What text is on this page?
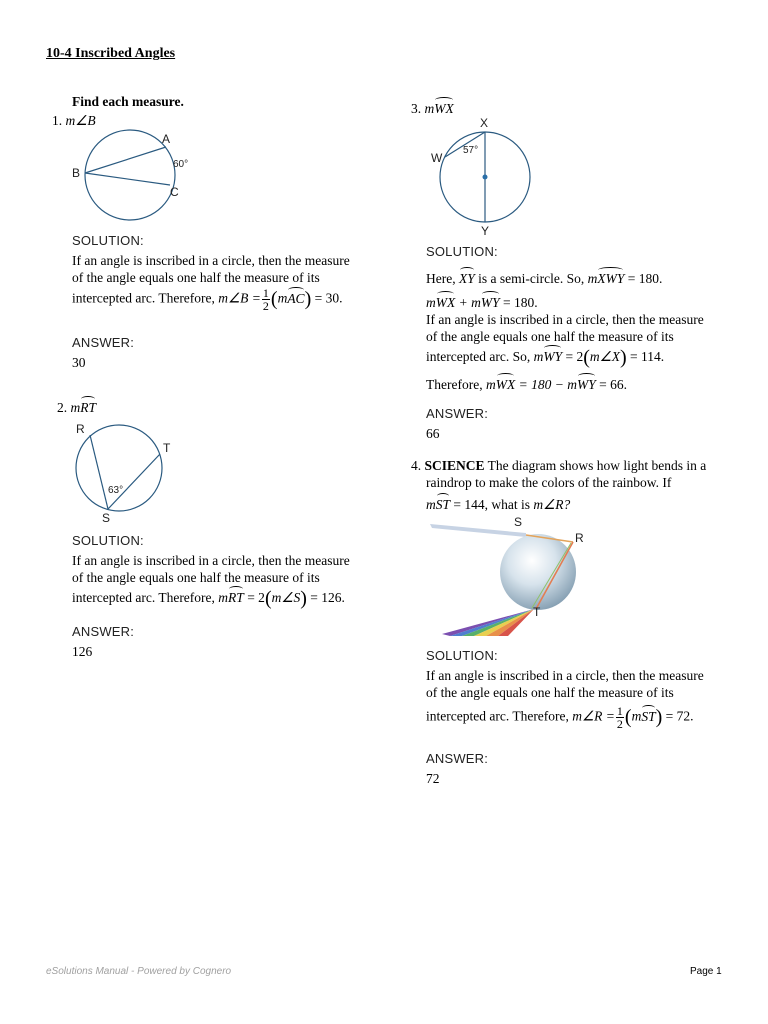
10-4 Inscribed Angles
Find each measure.
1. m∠B
A
B
C
60°
SOLUTION:
If an angle is inscribed in a circle, then the measure
of the angle equals one half the measure of its
intercepted arc. Therefore, m∠B = $\frac{1}{2} (mAC) = 30$.
ANSWER:
30
2. mRT
R
T
S
63°
SOLUTION:
If an angle is inscribed in a circle, then the measure
of the angle equals one half the measure of its
intercepted arc. Therefore, mRT = 2(m∠S) = 126.
ANSWER:
126
3. mWX
X
W
Y
57°
SOLUTION:
Here, XY is a semi-circle. So, mXWY = 180.
mWX + mWY = 180.
If an angle is inscribed in a circle, then the measure
of the angle equals one half the measure of its
intercepted arc. So, mWY = 2(m∠X) = 114.
Therefore, mWX = 180 − mWY = 66.
ANSWER:
66
4. SCIENCE The diagram shows how light bends in a
raindrop to make the colors of the rainbow. If
mST = 144, what is m∠R?
S
R
T
SOLUTION:
If an angle is inscribed in a circle, then the measure
of the angle equals one half the measure of its
intercepted arc. Therefore, m∠R = $\frac{1}{2} (mST) = 72$.
ANSWER:
72
eSolutions Manual - Powered by Cognero	Page 1
